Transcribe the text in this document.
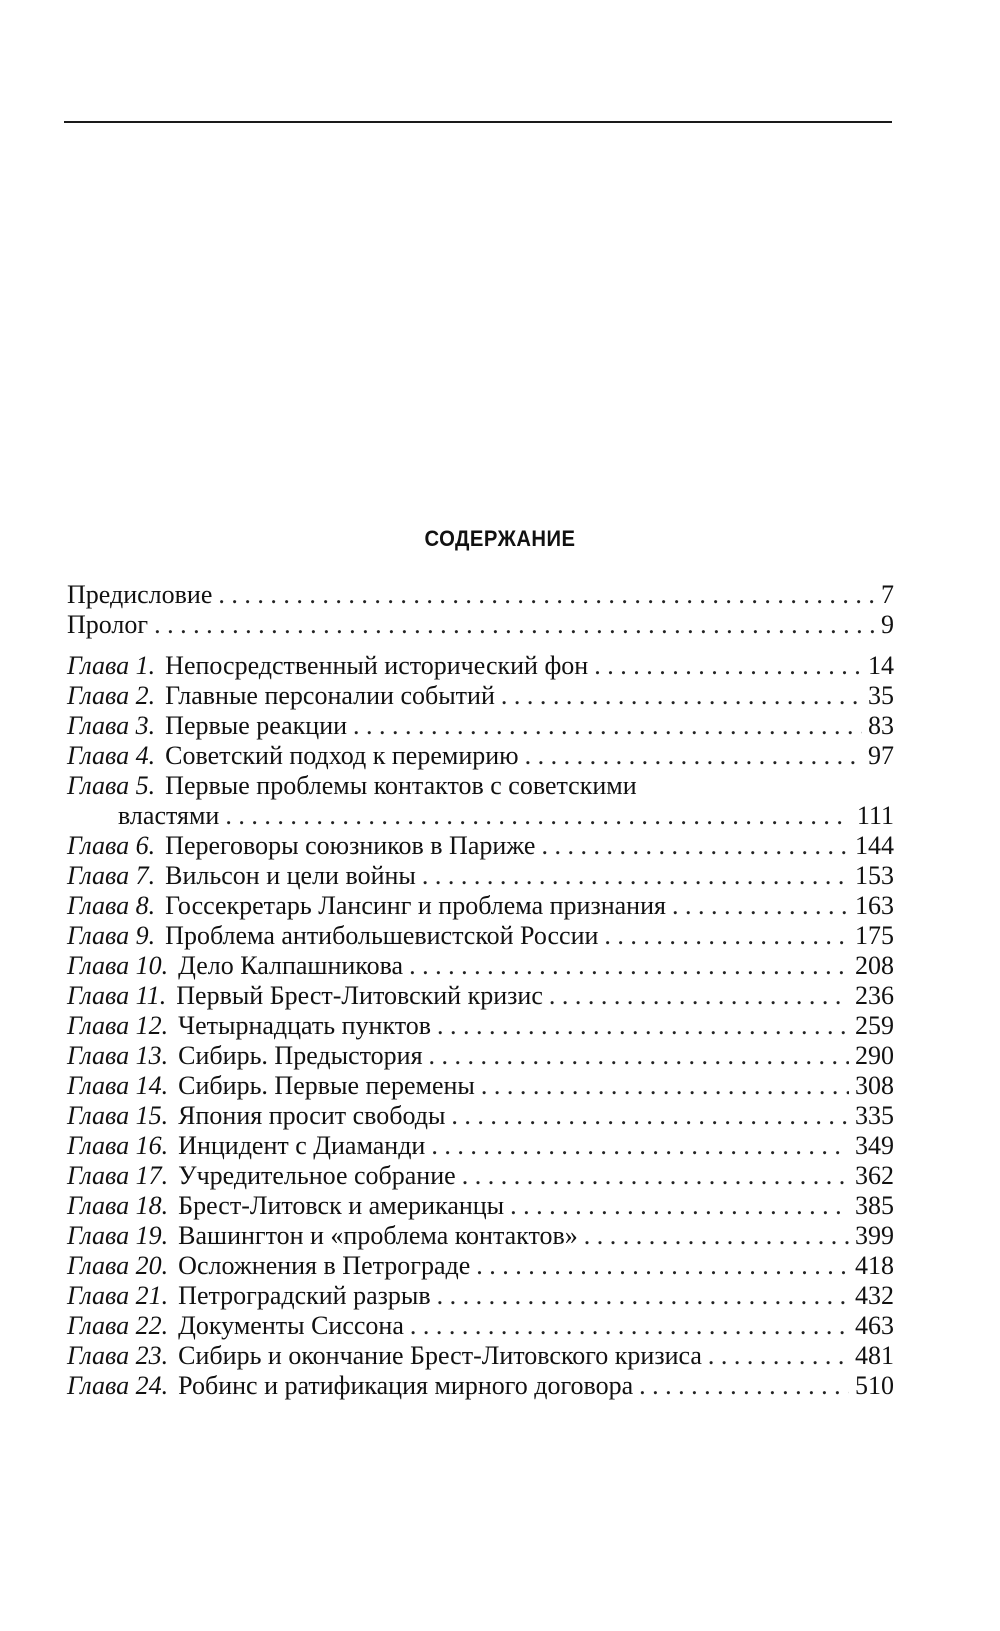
СОДЕРЖАНИЕ
Предисловие . . .	7
Пролог . . .	9
Глава 1. Непосредственный исторический фон . . .	14
Глава 2. Главные персоналии событий . . .	35
Глава 3. Первые реакции . . .	83
Глава 4. Советский подход к перемирию . . .	97
Глава 5. Первые проблемы контактов с советскими
властями . . .	111
Глава 6. Переговоры союзников в Париже . . .	144
Глава 7. Вильсон и цели войны . . .	153
Глава 8. Госсекретарь Лансинг и проблема признания . . .	163
Глава 9. Проблема антибольшевистской России . . .	175
Глава 10. Дело Калпашникова . . .	208
Глава 11. Первый Брест-Литовский кризис . . .	236
Глава 12. Четырнадцать пунктов . . .	259
Глава 13. Сибирь. Предыстория . . .	290
Глава 14. Сибирь. Первые перемены . . .	308
Глава 15. Япония просит свободы . . .	335
Глава 16. Инцидент с Диаманди . . .	349
Глава 17. Учредительное собрание . . .	362
Глава 18. Брест-Литовск и американцы . . .	385
Глава 19. Вашингтон и «проблема контактов» . . .	399
Глава 20. Осложнения в Петрограде . . .	418
Глава 21. Петроградский разрыв . . .	432
Глава 22. Документы Сиссона . . .	463
Глава 23. Сибирь и окончание Брест-Литовского кризиса . . .	481
Глава 24. Робинс и ратификация мирного договора . . .	510
